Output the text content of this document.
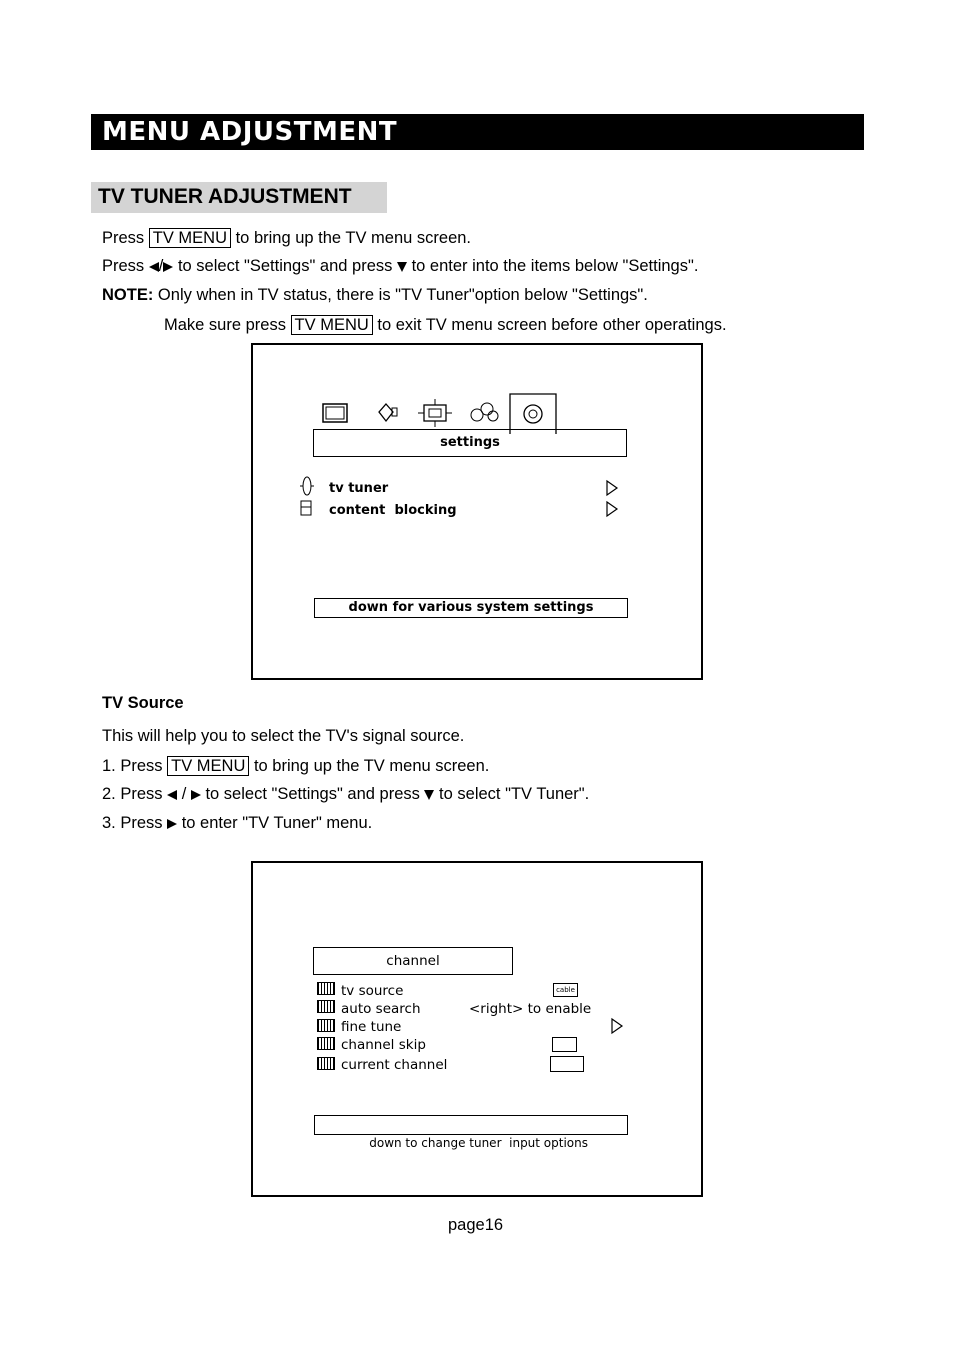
MENU ADJUSTMENT
TV TUNER ADJUSTMENT
Press TV MENU to bring up the TV menu screen.
Press / to select "Settings" and press  to enter into the items below "Settings".
NOTE: Only when in TV status, there is "TV Tuner"option below "Settings".
Make sure press TV MENU to exit TV menu screen before other operatings.
settings
tv tuner
content  blocking
down for various system settings
TV Source
This will help you to select the TV's signal source.
1. Press TV MENU to bring up the TV menu screen.
2. Press  /  to select "Settings" and press  to select "TV Tuner".
3. Press  to enter "TV Tuner" menu.
channel
tv source	cable
auto search	<right> to enable
fine tune
channel skip
current channel

down to change tuner  input options

page16
